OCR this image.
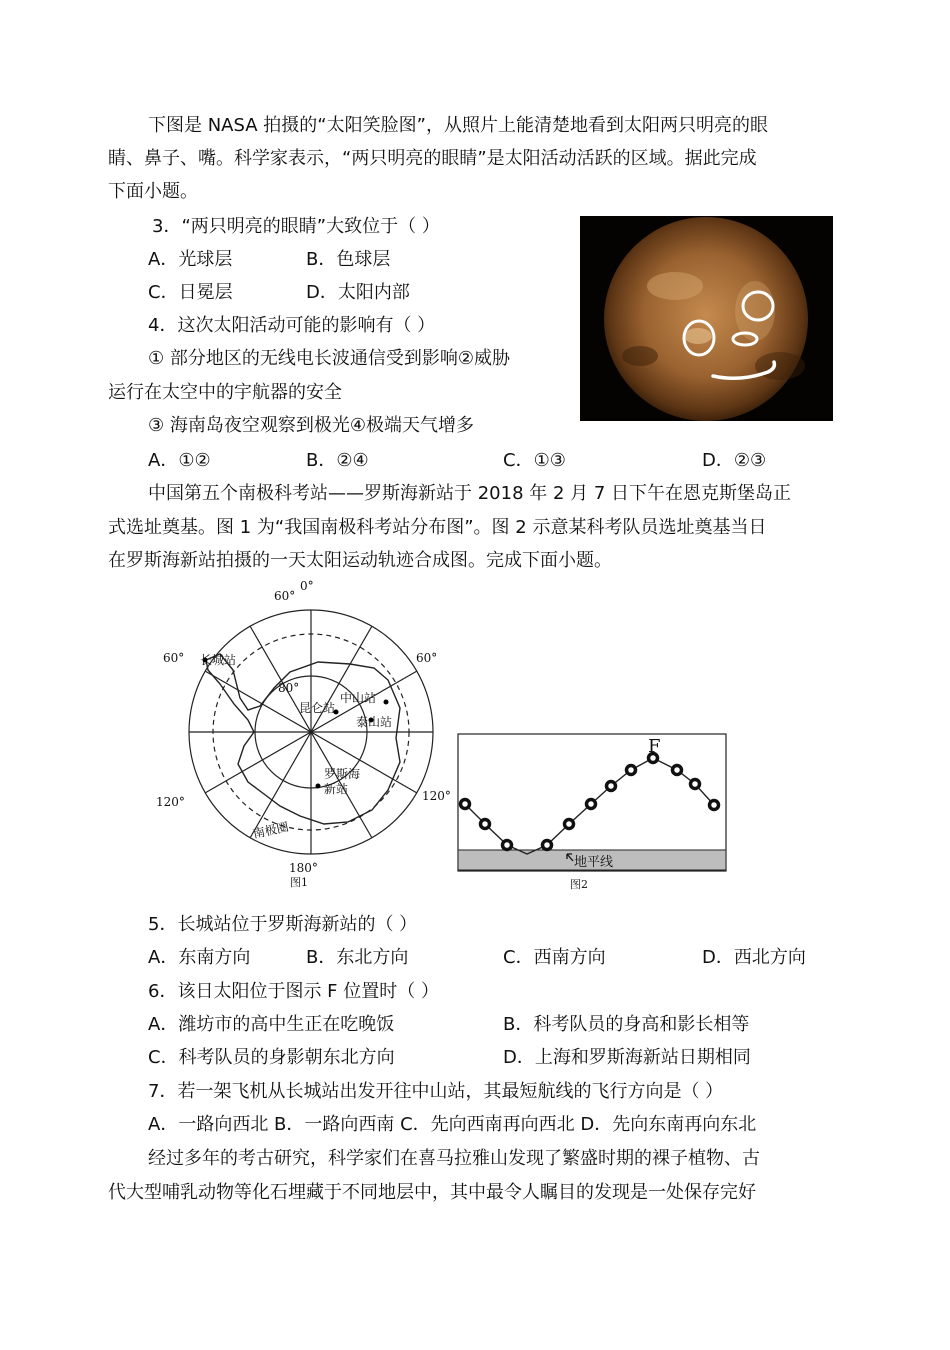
下图是 NASA 拍摄的“太阳笑脸图”，从照片上能清楚地看到太阳两只明亮的眼
睛、鼻子、嘴。科学家表示，“两只明亮的眼睛”是太阳活动活跃的区域。据此完成
下面小题。
3．“两只明亮的眼睛”大致位于（ ）
A．光球层	B．色球层
C．日冕层	D．太阳内部
4．这次太阳活动可能的影响有（ ）
① 部分地区的无线电长波通信受到影响②威胁
运行在太空中的宇航器的安全
③ 海南岛夜空观察到极光④极端天气增多
A．①②	B．②④	C．①③	D．②③
中国第五个南极科考站——罗斯海新站于 2018 年 2 月 7 日下午在恩克斯堡岛正
式选址奠基。图 1 为“我国南极科考站分布图”。图 2 示意某科考队员选址奠基当日
在罗斯海新站拍摄的一天太阳运动轨迹合成图。完成下面小题。
0°
60°
60°	60°
80°
120°	120°
180°
长城站
昆仑站
中山站
泰山站
罗斯海
新站
南极圈
图1
F
地平线
图2
5．长城站位于罗斯海新站的（ ）
A．东南方向	B．东北方向	C．西南方向	D．西北方向
6．该日太阳位于图示 F 位置时（ ）
A．潍坊市的高中生正在吃晚饭	B．科考队员的身高和影长相等
C．科考队员的身影朝东北方向	D．上海和罗斯海新站日期相同
7．若一架飞机从长城站出发开往中山站，其最短航线的飞行方向是（ ）
A．一路向西北 B．一路向西南 C．先向西南再向西北 D．先向东南再向东北
经过多年的考古研究，科学家们在喜马拉雅山发现了繁盛时期的裸子植物、古
代大型哺乳动物等化石埋藏于不同地层中，其中最令人瞩目的发现是一处保存完好
